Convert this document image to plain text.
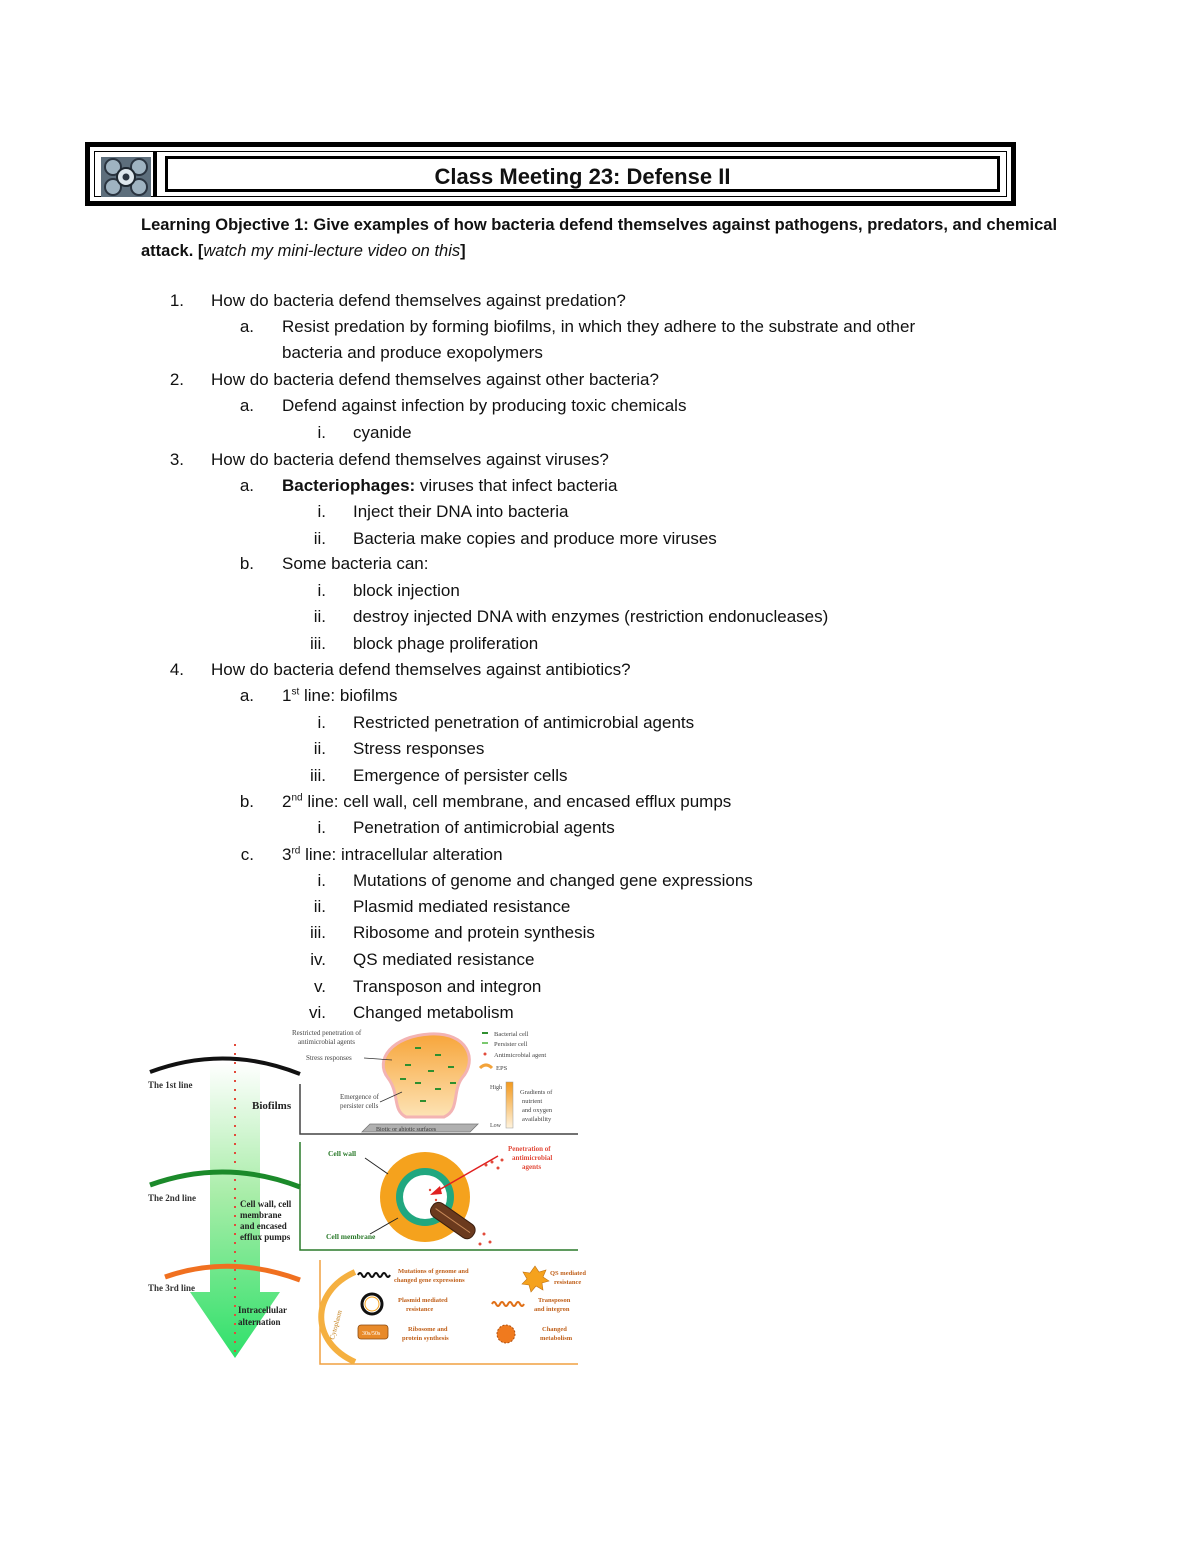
Class Meeting 23: Defense II
Learning Objective 1: Give examples of how bacteria defend themselves against pathogens, predators, and chemical attack. [watch my mini-lecture video on this]
1. How do bacteria defend themselves against predation?
a. Resist predation by forming biofilms, in which they adhere to the substrate and other
bacteria and produce exopolymers
2. How do bacteria defend themselves against other bacteria?
a. Defend against infection by producing toxic chemicals
i. cyanide
3. How do bacteria defend themselves against viruses?
a. Bacteriophages: viruses that infect bacteria
i. Inject their DNA into bacteria
ii. Bacteria make copies and produce more viruses
b. Some bacteria can:
i. block injection
ii. destroy injected DNA with enzymes (restriction endonucleases)
iii. block phage proliferation
4. How do bacteria defend themselves against antibiotics?
a. 1st line: biofilms
i. Restricted penetration of antimicrobial agents
ii. Stress responses
iii. Emergence of persister cells
b. 2nd line: cell wall, cell membrane, and encased efflux pumps
i. Penetration of antimicrobial agents
c. 3rd line: intracellular alteration
i. Mutations of genome and changed gene expressions
ii. Plasmid mediated resistance
iii. Ribosome and protein synthesis
iv. QS mediated resistance
v. Transposon and integron
vi. Changed metabolism
The 1st line
The 2nd line
The 3rd line
Biofilms
Cell wall, cell
membrane
and encased
efflux pumps
Intracellular
alternation
Biotic or abiotic surfaces
Restricted penetration of
antimicrobial agents
Stress responses
Emergence of
persister cells
Bacterial cell
Persister cell
Antimicrobial agent
EPS
High
Low
Gradients of
nutrient
and oxygen
availability
Cell wall
Cell membrane
Penetration of
antimicrobial
agents
Cytoplasm
Mutations of genome and
changed gene expressions
QS mediated
resistance
Plasmid mediated
resistance
Transposon
and integron
30s/50s
Ribosome and
protein synthesis
Changed
metabolism
